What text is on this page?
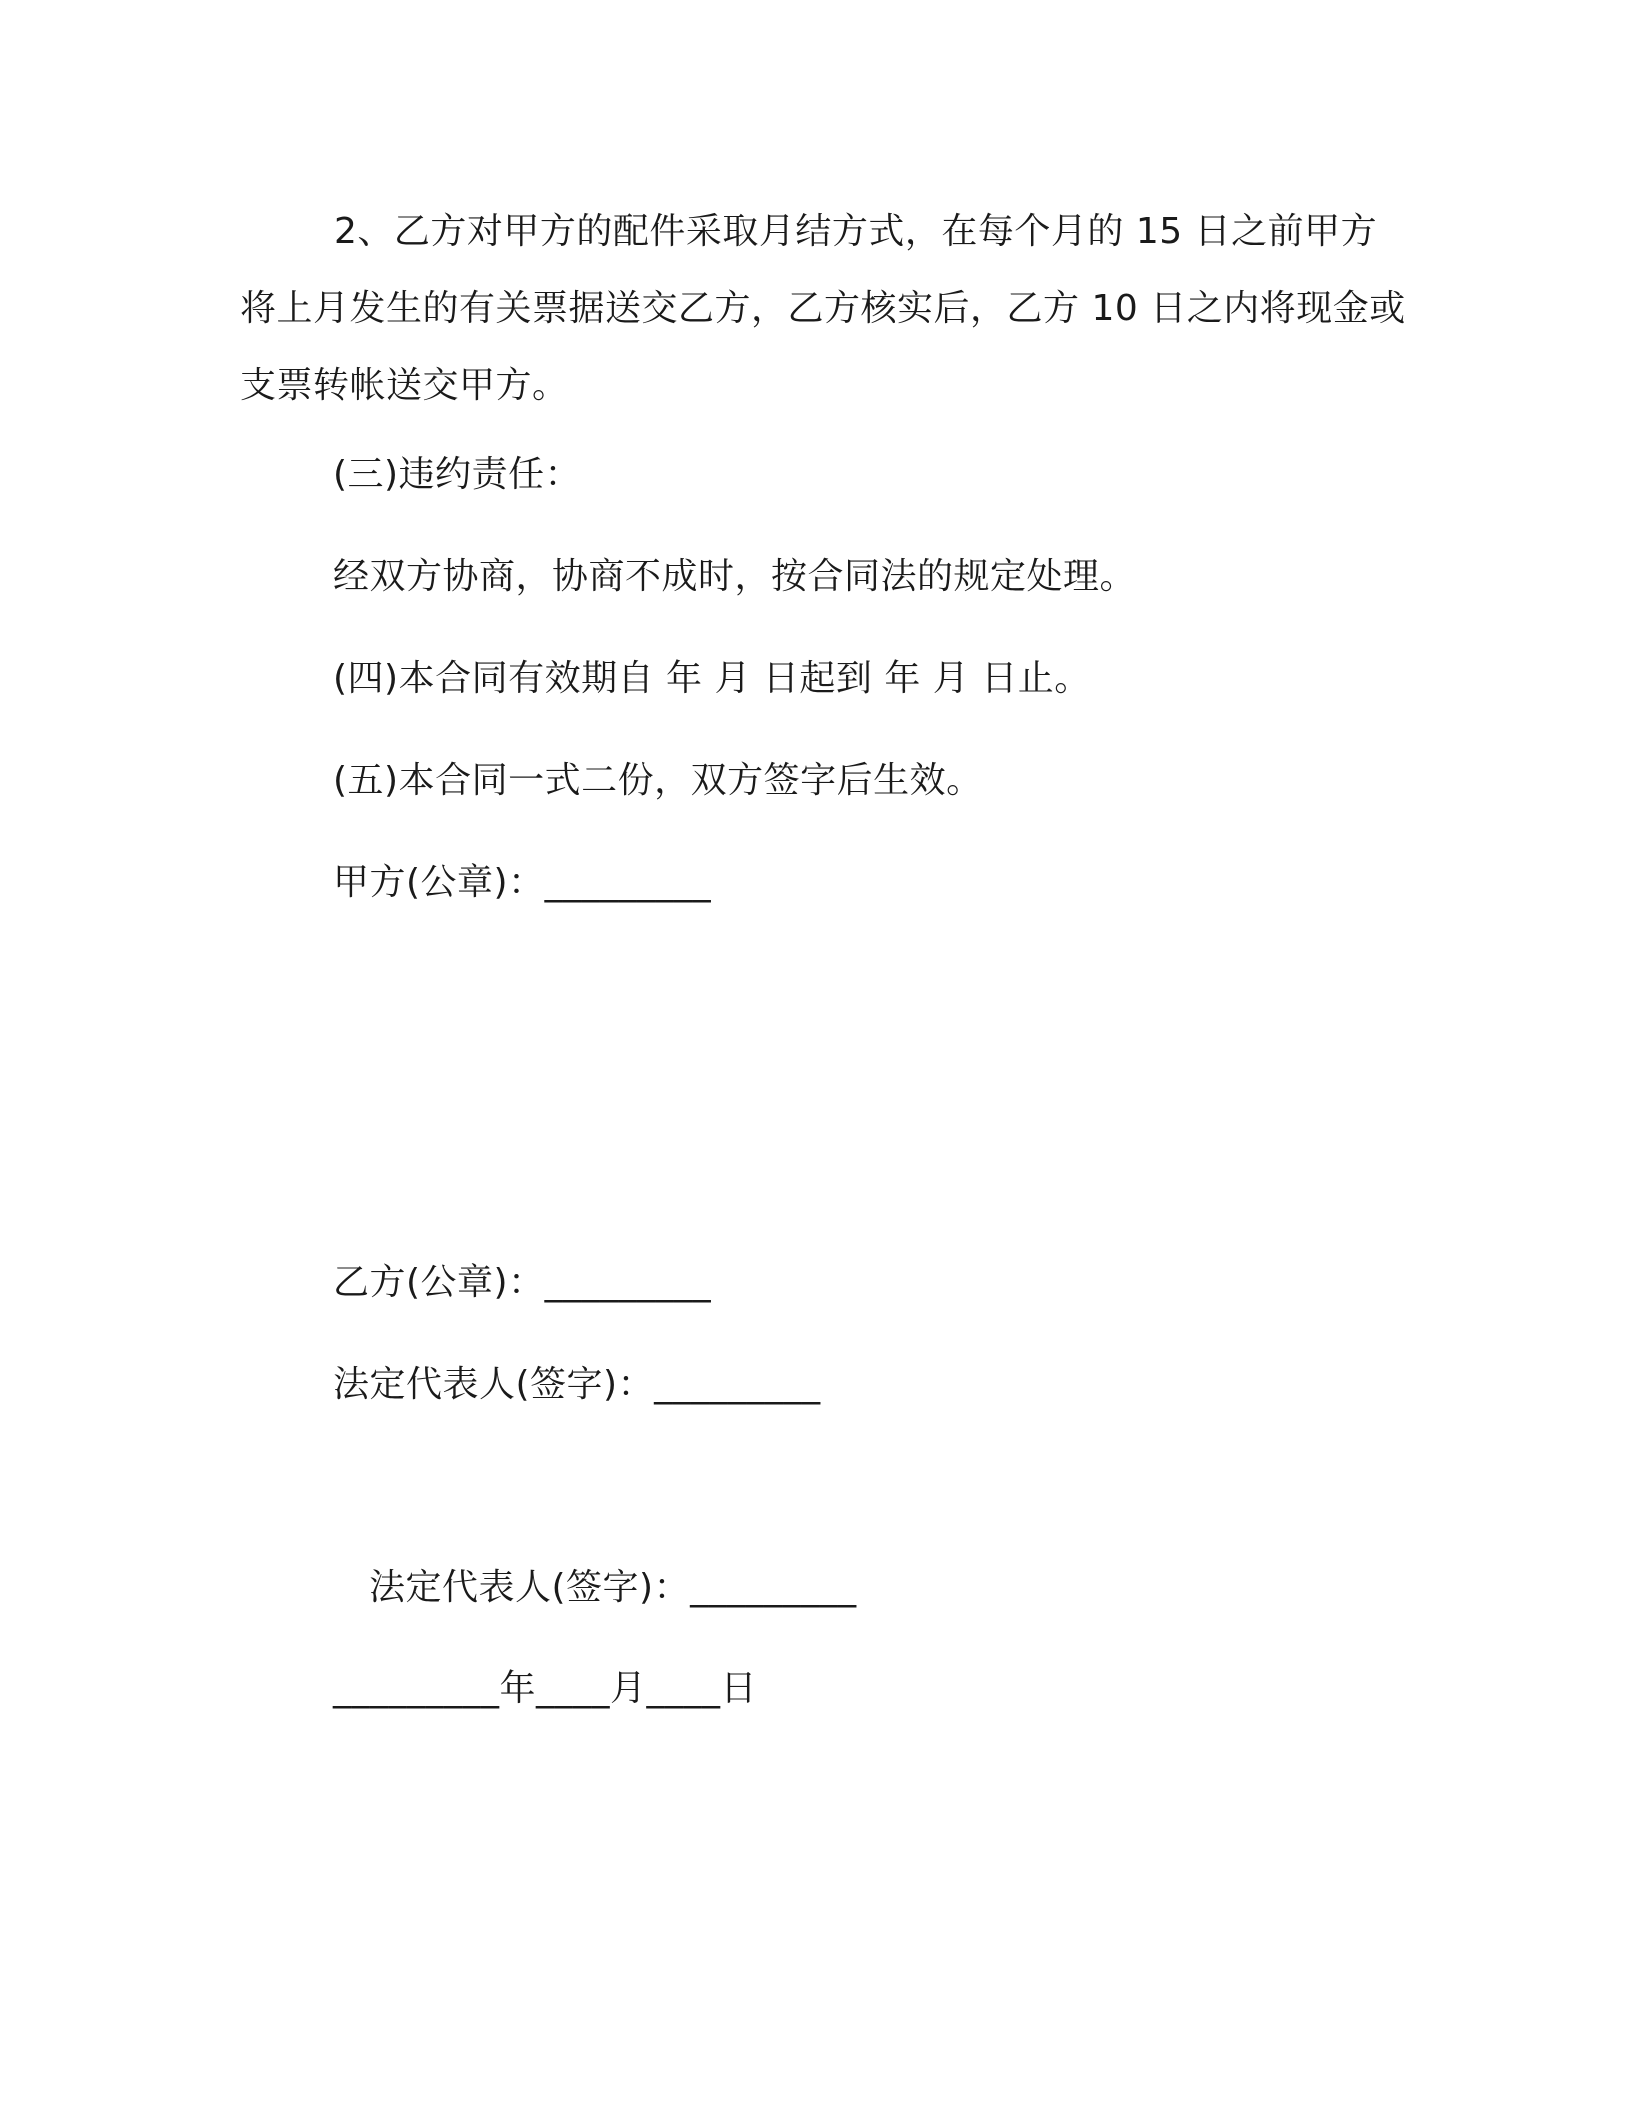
2、乙方对甲方的配件采取月结方式，在每个月的 15 日之前甲方将上月发生的有关票据送交乙方，乙方核实后，乙方 10 日之内将现金或支票转帐送交甲方。
(三)违约责任：
经双方协商，协商不成时，按合同法的规定处理。
(四)本合同有效期自 年 月 日起到 年 月 日止。
(五)本合同一式二份，双方签字后生效。
甲方(公章)：_________
乙方(公章)：_________
法定代表人(签字)：_________
法定代表人(签字)：_________
_________年____月____日
